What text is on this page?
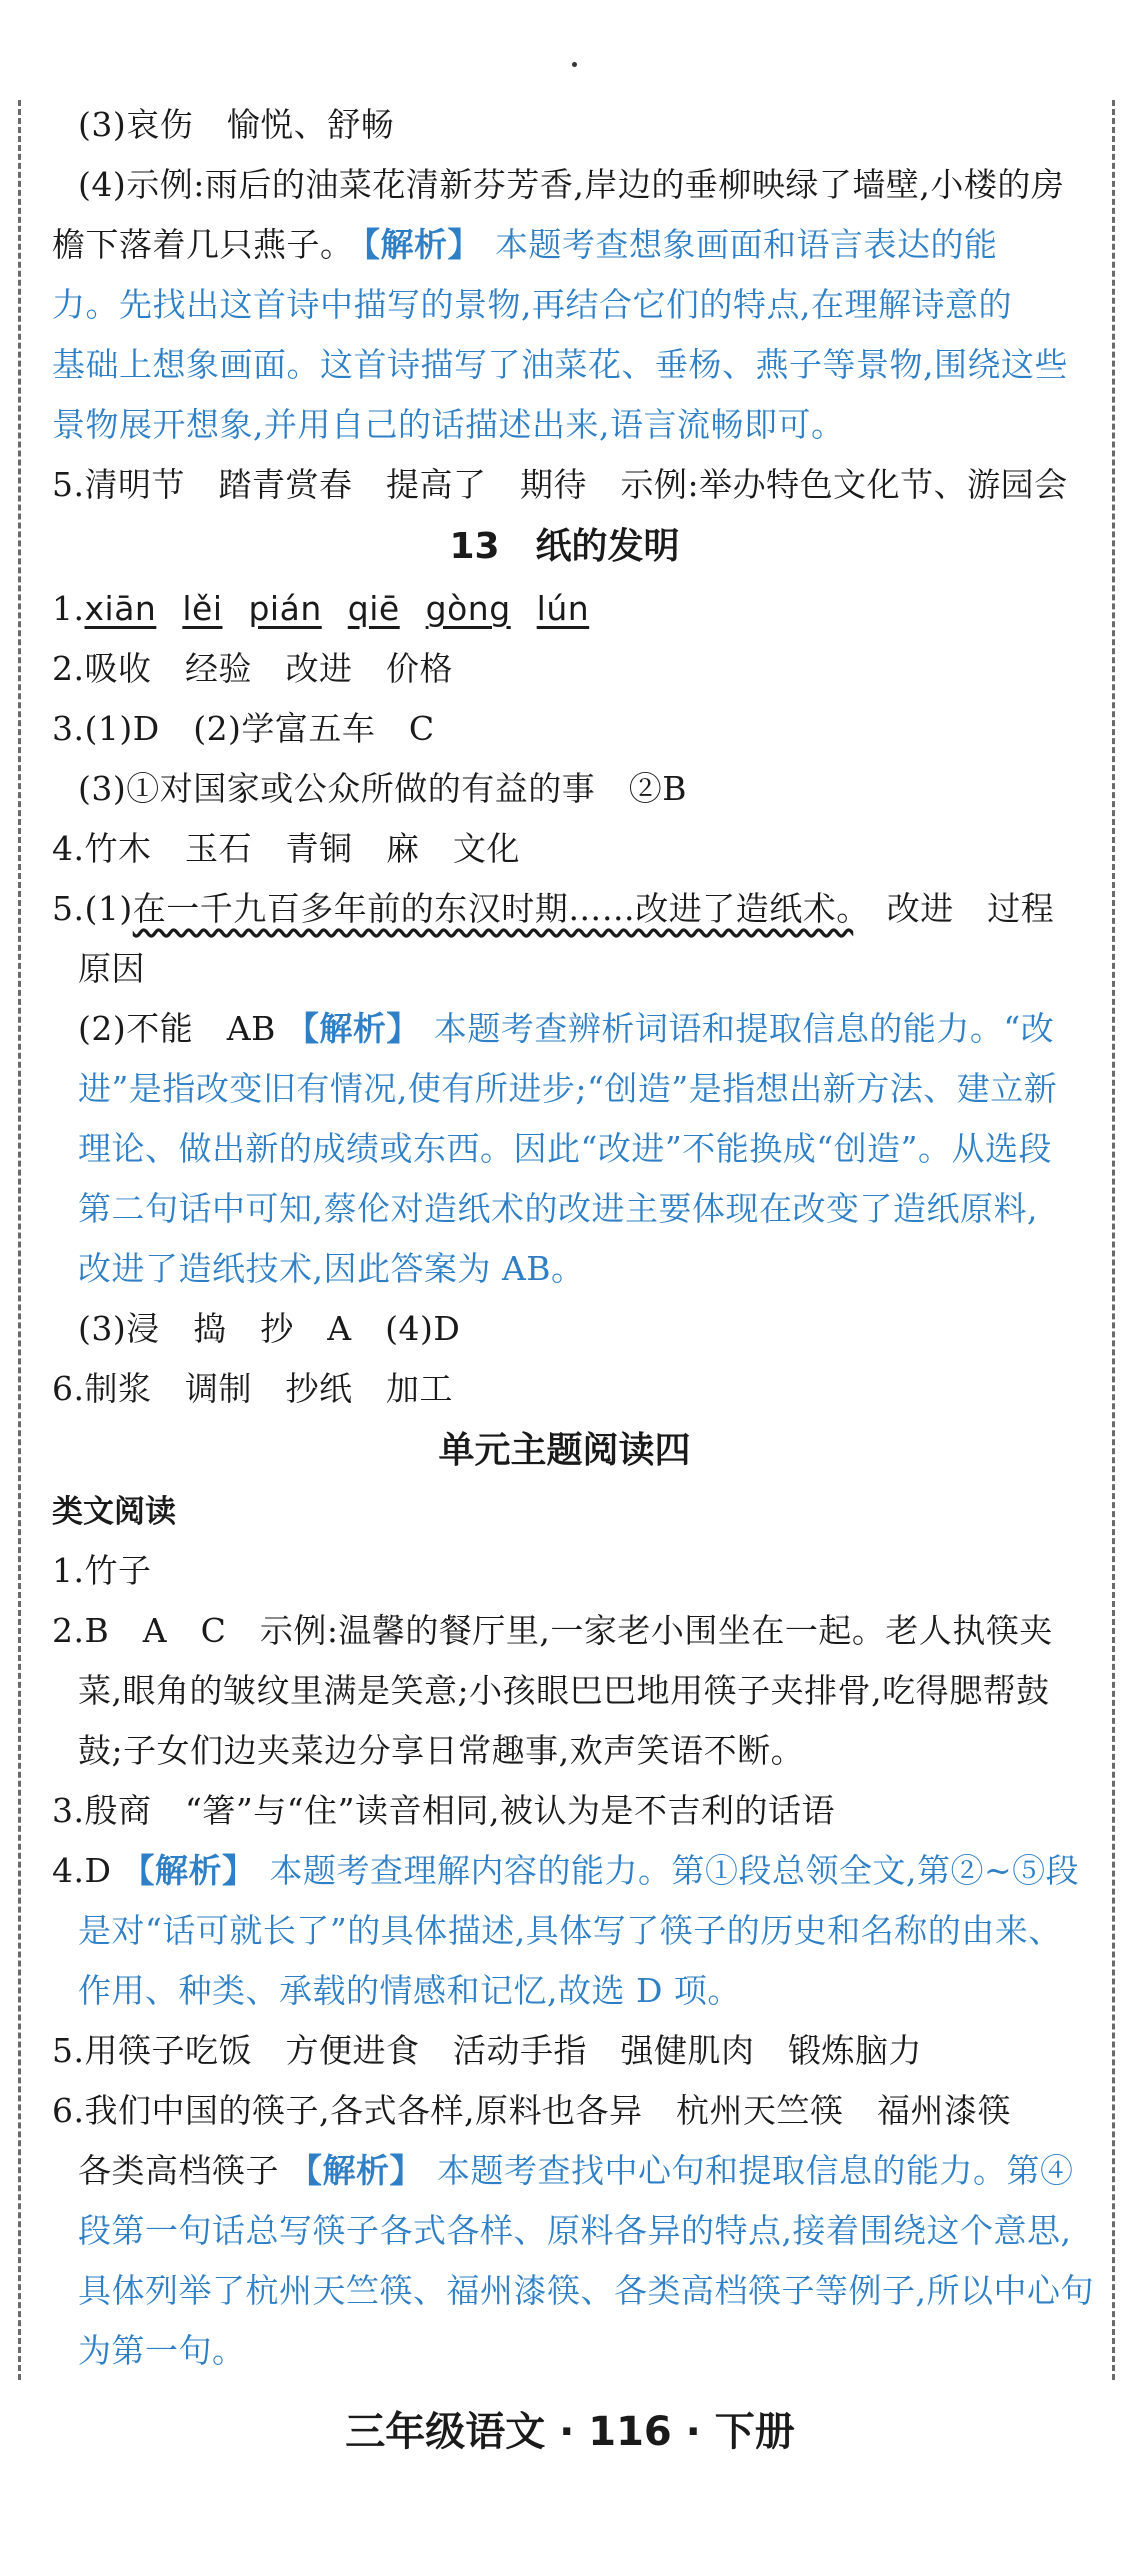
(3)哀伤　愉悦、舒畅
(4)示例:雨后的油菜花清新芬芳香,岸边的垂柳映绿了墙壁,小楼的房
檐下落着几只燕子。 【解析】 本题考查想象画面和语言表达的能
力。先找出这首诗中描写的景物,再结合它们的特点,在理解诗意的
基础上想象画面。这首诗描写了油菜花、垂杨、燕子等景物,围绕这些
景物展开想象,并用自己的话描述出来,语言流畅即可。
5.清明节　踏青赏春　提高了　期待　示例:举办特色文化节、游园会
13　纸的发明
1.xiān lěi pián qiē gòng lún
2.吸收　经验　改进　价格
3.(1)D　(2)学富五车　C
(3)①对国家或公众所做的有益的事　②B
4.竹木　玉石　青铜　麻　文化
5.(1)在一千九百多年前的东汉时期……改进了造纸术。　改进　过程
原因
(2)不能　AB 【解析】 本题考查辨析词语和提取信息的能力。“改
进”是指改变旧有情况,使有所进步;“创造”是指想出新方法、建立新
理论、做出新的成绩或东西。因此“改进”不能换成“创造”。从选段
第二句话中可知,蔡伦对造纸术的改进主要体现在改变了造纸原料,
改进了造纸技术,因此答案为 AB。
(3)浸　捣　抄　A　(4)D
6.制浆　调制　抄纸　加工
单元主题阅读四
类文阅读
1.竹子
2.B　A　C　示例:温馨的餐厅里,一家老小围坐在一起。老人执筷夹
菜,眼角的皱纹里满是笑意;小孩眼巴巴地用筷子夹排骨,吃得腮帮鼓
鼓;子女们边夹菜边分享日常趣事,欢声笑语不断。
3.殷商　“箸”与“住”读音相同,被认为是不吉利的话语
4.D 【解析】 本题考查理解内容的能力。第①段总领全文,第②~⑤段
是对“话可就长了”的具体描述,具体写了筷子的历史和名称的由来、
作用、种类、承载的情感和记忆,故选 D 项。
5.用筷子吃饭　方便进食　活动手指　强健肌肉　锻炼脑力
6.我们中国的筷子,各式各样,原料也各异　杭州天竺筷　福州漆筷
各类高档筷子 【解析】 本题考查找中心句和提取信息的能力。第④
段第一句话总写筷子各式各样、原料各异的特点,接着围绕这个意思,
具体列举了杭州天竺筷、福州漆筷、各类高档筷子等例子,所以中心句
为第一句。
三年级语文 · 116 · 下册
